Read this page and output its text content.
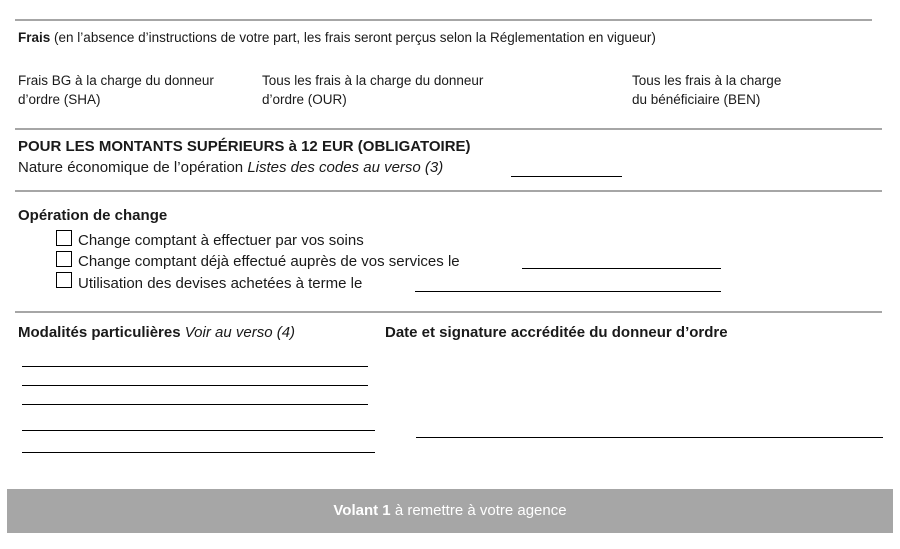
Frais (en l’absence d’instructions de votre part, les frais seront perçus selon la Réglementation en vigueur)
Frais BG à la charge du donneur
d’ordre (SHA)
Tous les frais à la charge du donneur
d’ordre (OUR)
Tous les frais à la charge
du bénéficiaire (BEN)
POUR LES MONTANTS SUPÉRIEURS à 12 EUR (OBLIGATOIRE)
Nature économique de l’opération Listes des codes au verso (3)
Opération de change
Change comptant à effectuer par vos soins
Change comptant déjà effectué auprès de vos services le
Utilisation des devises achetées à terme le
Modalités particulières Voir au verso (4)	Date et signature accréditée du donneur d’ordre
Volant 1 à remettre à votre agence
